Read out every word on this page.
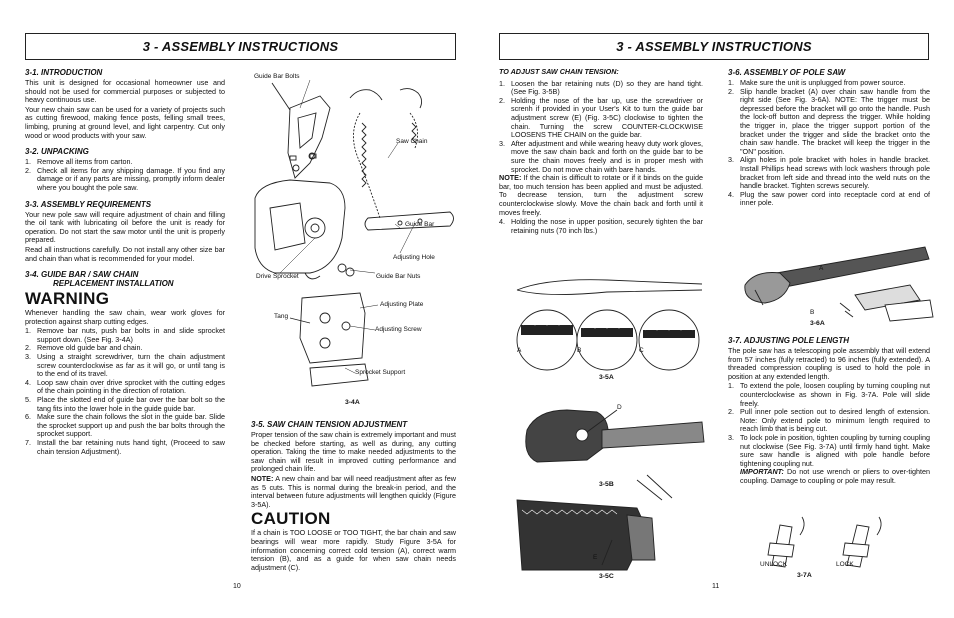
3 - ASSEMBLY INSTRUCTIONS
3-1. INTRODUCTION

This unit is designed for occasional homeowner use and should not be used for commercial purposes or subjected to heavy continuous use.

Your new chain saw can be used for a variety of projects such as cutting firewood, making fence posts, felling small trees, limbing, pruning at ground level, and light carpentry. Cut only wood or wood products with your saw.

3-2. UNPACKING
1. Remove all items from carton.
2. Check all items for any shipping damage. If you find any damage or if any parts are missing, promptly inform dealer where you bought the pole saw.
3-3. ASSEMBLY REQUIREMENTS

Your new pole saw will require adjustment of chain and filling the oil tank with lubricating oil before the unit is ready for operation. Do not start the saw motor until the unit is properly prepared.

Read all instructions carefully. Do not install any other size bar and chain than what is recommended for your model.

3-4. GUIDE BAR / SAW CHAIN
REPLACEMENT INSTALLATION
WARNING

Whenever handling the saw chain, wear work gloves for protection against sharp cutting edges.

1. Remove bar nuts, push bar bolts in and slide sprocket support down. (See Fig. 3-4A)
2. Remove old guide bar and chain.
3. Using a straight screwdriver, turn the chain adjustment screw counterclockwise as far as it will go, or until tang is to the end of its travel.
4. Loop saw chain over drive sprocket with the cutting edges of the chain pointing in the direction of rotation.
5. Place the slotted end of guide bar over the bar bolt so the tang fits into the lower hole in the guide guide bar.
6. Make sure the chain follows the slot in the guide bar. Slide the sprocket support up and push the bar bolts through the sprocket support.
7. Install the bar retaining nuts hand tight, (Proceed to saw chain tension Adjustment).
Guide Bar Bolts
Saw Chain
Guide Bar
Adjusting Hole
Drive Sprocket	Guide Bar Nuts
Adjusting Plate
Tang
Adjusting Screw
Sprocket Support
3-4A
3-5. SAW CHAIN TENSION ADJUSTMENT

Proper tension of the saw chain is extremely important and must be checked before starting, as well as during, any cutting operation. Taking the time to make needed adjustments to the saw chain will result in improved cutting performance and prolonged chain life.

NOTE: A new chain and bar will need readjustment after as few as 5 cuts. This is normal during the break-in period, and the interval between future adjustments will lengthen quickly (Figure 3-5A).

CAUTION

If a chain is TOO LOOSE or TOO TIGHT, the bar chain and saw bearings will wear more rapidly. Study Figure 3-5A for information concerning correct cold tension (A), correct warm tension (B), and as a guide for when saw chain needs adjustment (C).

10
3 - ASSEMBLY INSTRUCTIONS
TO ADJUST SAW CHAIN TENSION:
1. Loosen the bar retaining nuts (D) so they are hand tight. (See Fig. 3-5B)
2. Holding the nose of the bar up, use the screwdriver or screnh if provided in your User's Kit to turn the guide bar adjustment screw (E) (Fig. 3-5C) clockwise to tighten the chain. Turning the screw COUNTER-CLOCKWISE LOOSENS THE CHAIN on the guide bar.
3. After adjustment and while wearing heavy duty work gloves, move the saw chain back and forth on the guide bar to be sure the chain moves freely and is in proper mesh with sprocket. Do not move chain with bare hands.

NOTE: If the chain is difficult to rotate or if it binds on the guide bar, too much tension has been applied and must be adjusted. To decrease tension, turn the adjustment screw counterclockwise slowly. Move the chain back and forth until it moves freely.

4. Holding the nose in upper position, securely tighten the bar retaining nuts (70 inch lbs.)
A	B	C
3-5A
D
3-5B
E
3-5C
3-6. ASSEMBLY OF POLE SAW
1. Make sure the unit is unplugged from power source.
2. Slip handle bracket (A) over chain saw handle from the right side (See Fig. 3-6A). NOTE: The trigger must be depressed before the bracket will go onto the handle. Push the lock-off button and depress the trigger. While holding the trigger in, place the trigger support portion of the bracket under the trigger and slide the bracket onto the chain saw handle. The bracket will keep the trigger in the "ON" position.
3. Align holes in pole bracket with holes in handle bracket. Install Phillips head screws with lock washers through pole bracket from left side and thread into the weld nuts on the handle bracket. Tighten screws securely.
4. Plug the saw power cord into receptacle cord at end of inner pole.
A
B
3-6A
3-7. ADJUSTING POLE LENGTH

The pole saw has a telescoping pole assembly that will extend from 57 inches (fully retracted) to 96 inches (fully extended). A threaded compression coupling is used to hold the pole in position at any extended length.

1. To extend the pole, loosen coupling by turning coupling nut counterclockwise as shown in Fig. 3-7A. Pole will slide freely.
2. Pull inner pole section out to desired length of extension. Note: Only extend pole to minimum length required to reach limb that is being cut.
3. To lock pole in position, tighten coupling by turning coupling nut clockwise (See Fig. 3-7A) until firmly hand tight. Make sure saw handle is aligned with pole handle before tightening coupling nut.

IMPORTANT: Do not use wrench or pliers to over-tighten coupling. Damage to coupling or pole may result.

UNLOCK	LOCK
3-7A
11
